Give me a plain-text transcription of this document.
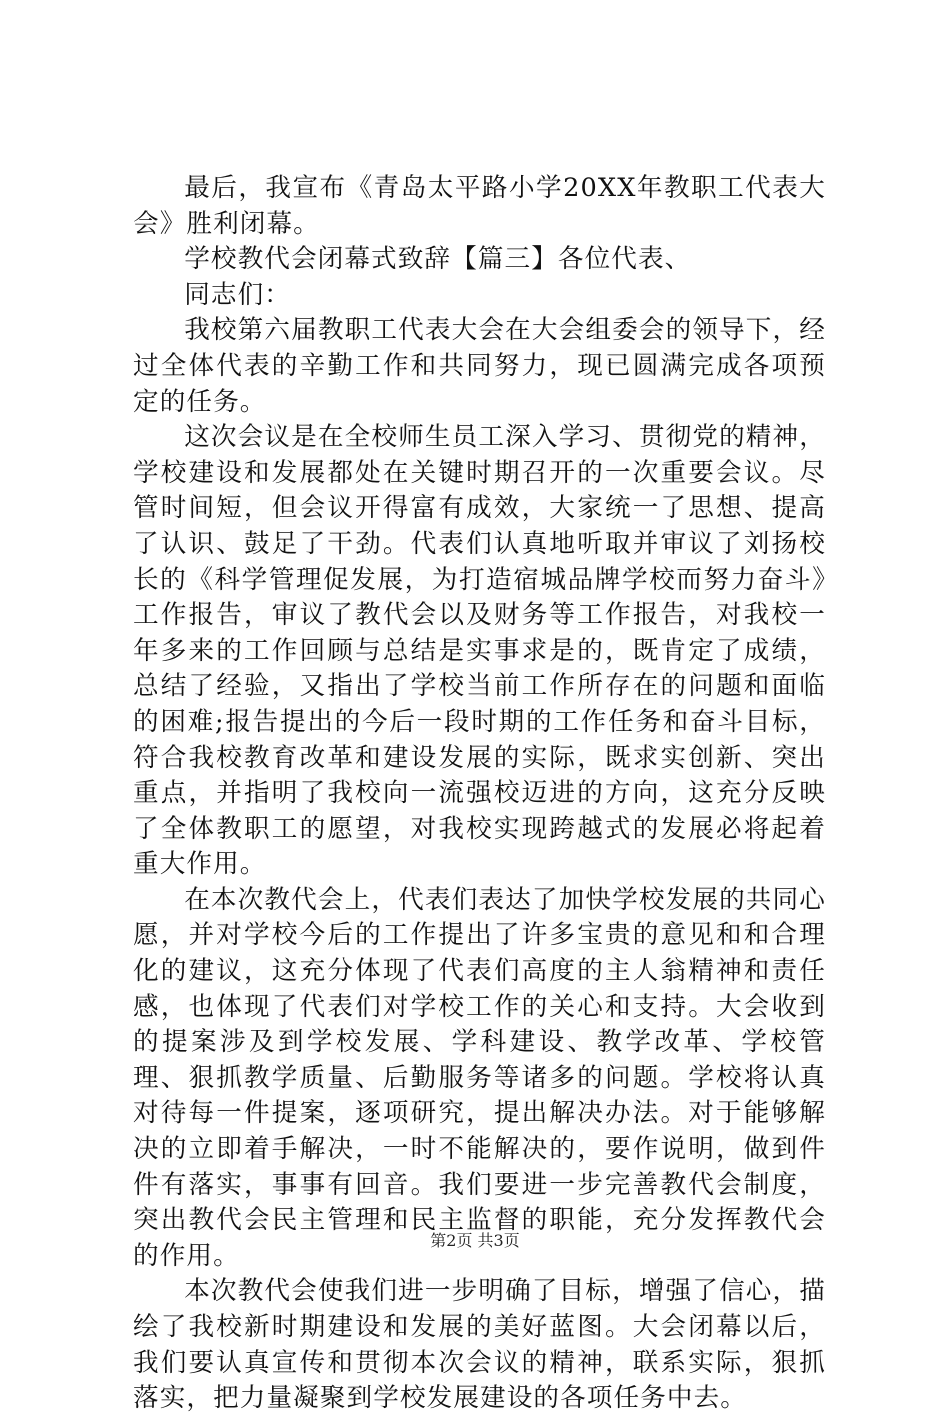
最后，我宣布《青岛太平路小学20XX年教职工代表大会》胜利闭幕。

学校教代会闭幕式致辞【篇三】各位代表、

同志们：

我校第六届教职工代表大会在大会组委会的领导下，经过全体代表的辛勤工作和共同努力，现已圆满完成各项预定的任务。

这次会议是在全校师生员工深入学习、贯彻党的精神，学校建设和发展都处在关键时期召开的一次重要会议。尽管时间短，但会议开得富有成效，大家统一了思想、提高了认识、鼓足了干劲。代表们认真地听取并审议了刘扬校长的《科学管理促发展，为打造宿城品牌学校而努力奋斗》工作报告，审议了教代会以及财务等工作报告，对我校一年多来的工作回顾与总结是实事求是的，既肯定了成绩，总结了经验，又指出了学校当前工作所存在的问题和面临的困难;报告提出的今后一段时期的工作任务和奋斗目标，符合我校教育改革和建设发展的实际，既求实创新、突出重点，并指明了我校向一流强校迈进的方向，这充分反映了全体教职工的愿望，对我校实现跨越式的发展必将起着重大作用。

在本次教代会上，代表们表达了加快学校发展的共同心愿，并对学校今后的工作提出了许多宝贵的意见和和合理化的建议，这充分体现了代表们高度的主人翁精神和责任感，也体现了代表们对学校工作的关心和支持。大会收到的提案涉及到学校发展、学科建设、教学改革、学校管理、狠抓教学质量、后勤服务等诸多的问题。学校将认真对待每一件提案，逐项研究，提出解决办法。对于能够解决的立即着手解决，一时不能解决的，要作说明，做到件件有落实，事事有回音。我们要进一步完善教代会制度，突出教代会民主管理和民主监督的职能，充分发挥教代会的作用。

本次教代会使我们进一步明确了目标，增强了信心，描绘了我校新时期建设和发展的美好蓝图。大会闭幕以后，我们要认真宣传和贯彻本次会议的精神，联系实际，狠抓落实，把力量凝聚到学校发展建设的各项任务中去。

第2页 共3页
